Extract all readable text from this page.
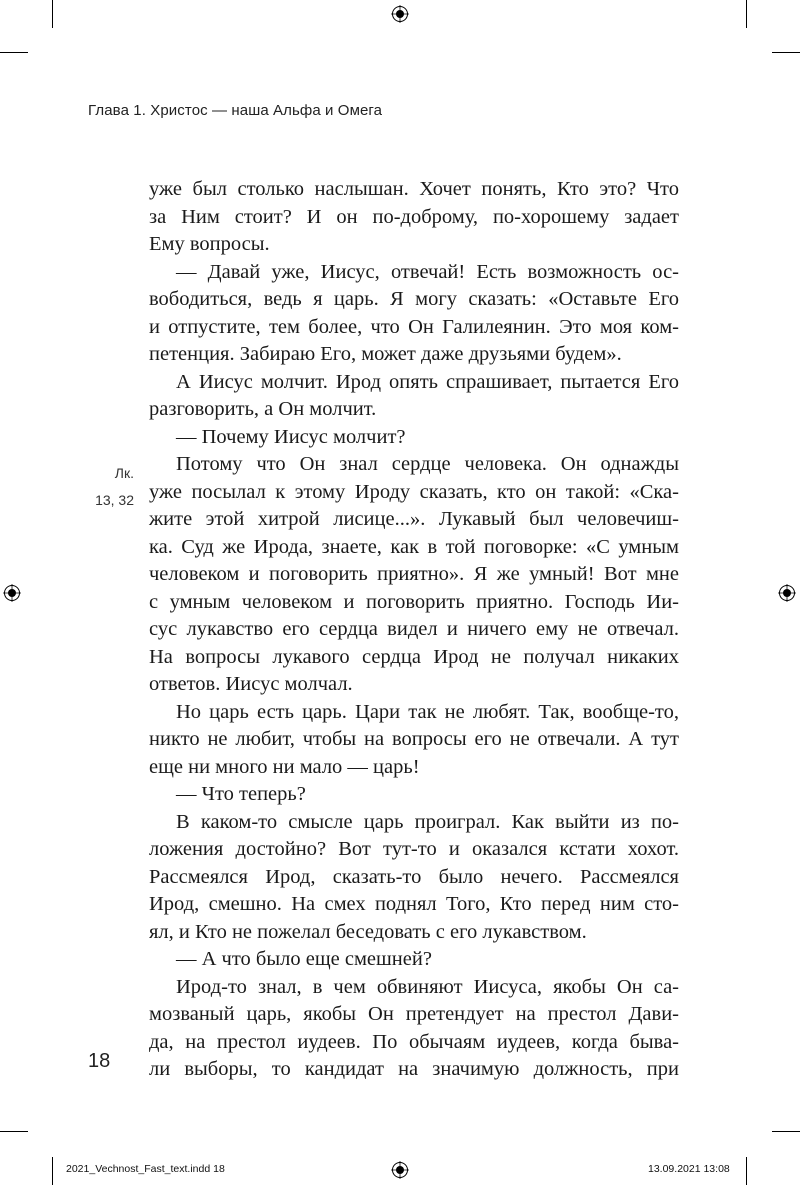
Глава 1. Христос — наша Альфа и Омега
Лк.
13, 32
уже был столько наслышан. Хочет понять, Кто это? Что
за Ним стоит? И он по-доброму, по-хорошему задает
Ему вопросы.
— Давай уже, Иисус, отвечай! Есть возможность ос-
вободиться, ведь я царь. Я могу сказать: «Оставьте Его
и отпустите, тем более, что Он Галилеянин. Это моя ком-
петенция. Забираю Его, может даже друзьями будем».
А Иисус молчит. Ирод опять спрашивает, пытается Его
разговорить, а Он молчит.
— Почему Иисус молчит?
Потому что Он знал сердце человека. Он однажды
уже посылал к этому Ироду сказать, кто он такой: «Ска-
жите этой хитрой лисице...». Лукавый был человечиш-
ка. Суд же Ирода, знаете, как в той поговорке: «С умным
человеком и поговорить приятно». Я же умный! Вот мне
с умным человеком и поговорить приятно. Господь Ии-
сус лукавство его сердца видел и ничего ему не отвечал.
На вопросы лукавого сердца Ирод не получал никаких
ответов. Иисус молчал.
Но царь есть царь. Цари так не любят. Так, вообще-то,
никто не любит, чтобы на вопросы его не отвечали. А тут
еще ни много ни мало — царь!
— Что теперь?
В каком-то смысле царь проиграл. Как выйти из по-
ложения достойно? Вот тут-то и оказался кстати хохот.
Рассмеялся Ирод, сказать-то было нечего. Рассмеялся
Ирод, смешно. На смех поднял Того, Кто перед ним сто-
ял, и Кто не пожелал беседовать с его лукавством.
— А что было еще смешней?
Ирод-то знал, в чем обвиняют Иисуса, якобы Он са-
мозваный царь, якобы Он претендует на престол Дави-
да, на престол иудеев. По обычаям иудеев, когда быва-
ли выборы, то кандидат на значимую должность, при
18
2021_Vechnost_Fast_text.indd 18	13.09.2021 13:08
